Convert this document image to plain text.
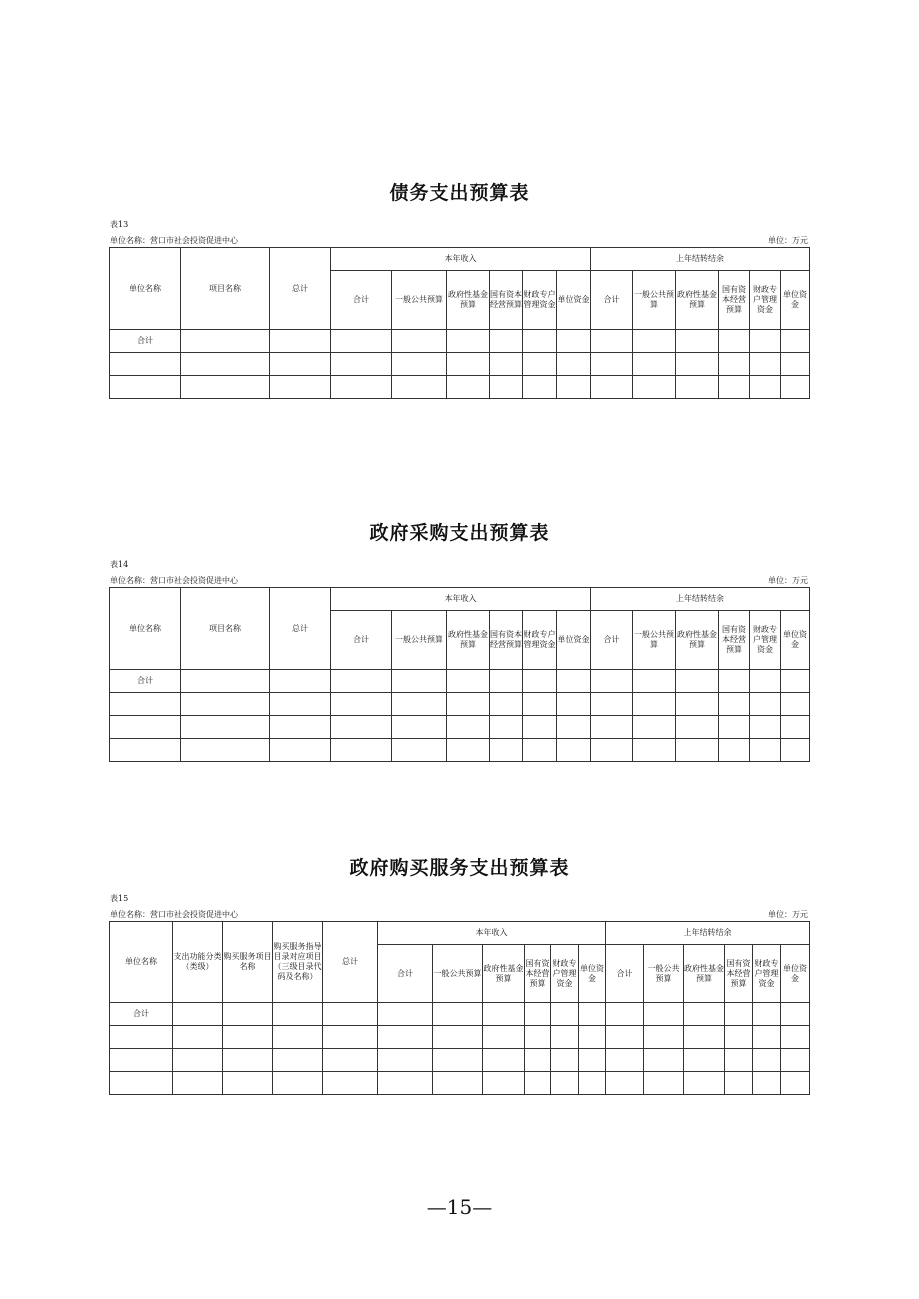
债务支出预算表
表13
单位名称：营口市社会投资促进中心	单位：万元
单位名称	项目名称	总计	本年收入						上年结转结余					
			合计	一般公共预算	政府性基金预算	国有资本经营预算	财政专户管理资金	单位资金	合计	一般公共预算	政府性基金预算	国有资本经营预算	财政专户管理资金	单位资金
合计														

政府采购支出预算表
表14
单位名称：营口市社会投资促进中心	单位：万元
单位名称	项目名称	总计	本年收入						上年结转结余					
			合计	一般公共预算	政府性基金预算	国有资本经营预算	财政专户管理资金	单位资金	合计	一般公共预算	政府性基金预算	国有资本经营预算	财政专户管理资金	单位资金
合计														

政府购买服务支出预算表
表15
单位名称：营口市社会投资促进中心	单位：万元
单位名称	支出功能分类（类级）	购买服务项目名称	购买服务指导目录对应项目（三级目录代码及名称）	总计	本年收入						上年结转结余					
					合计	一般公共预算	政府性基金预算	国有资本经营预算	财政专户管理资金	单位资金	合计	一般公共预算	政府性基金预算	国有资本经营预算	财政专户管理资金	单位资金
合计																

—15—
